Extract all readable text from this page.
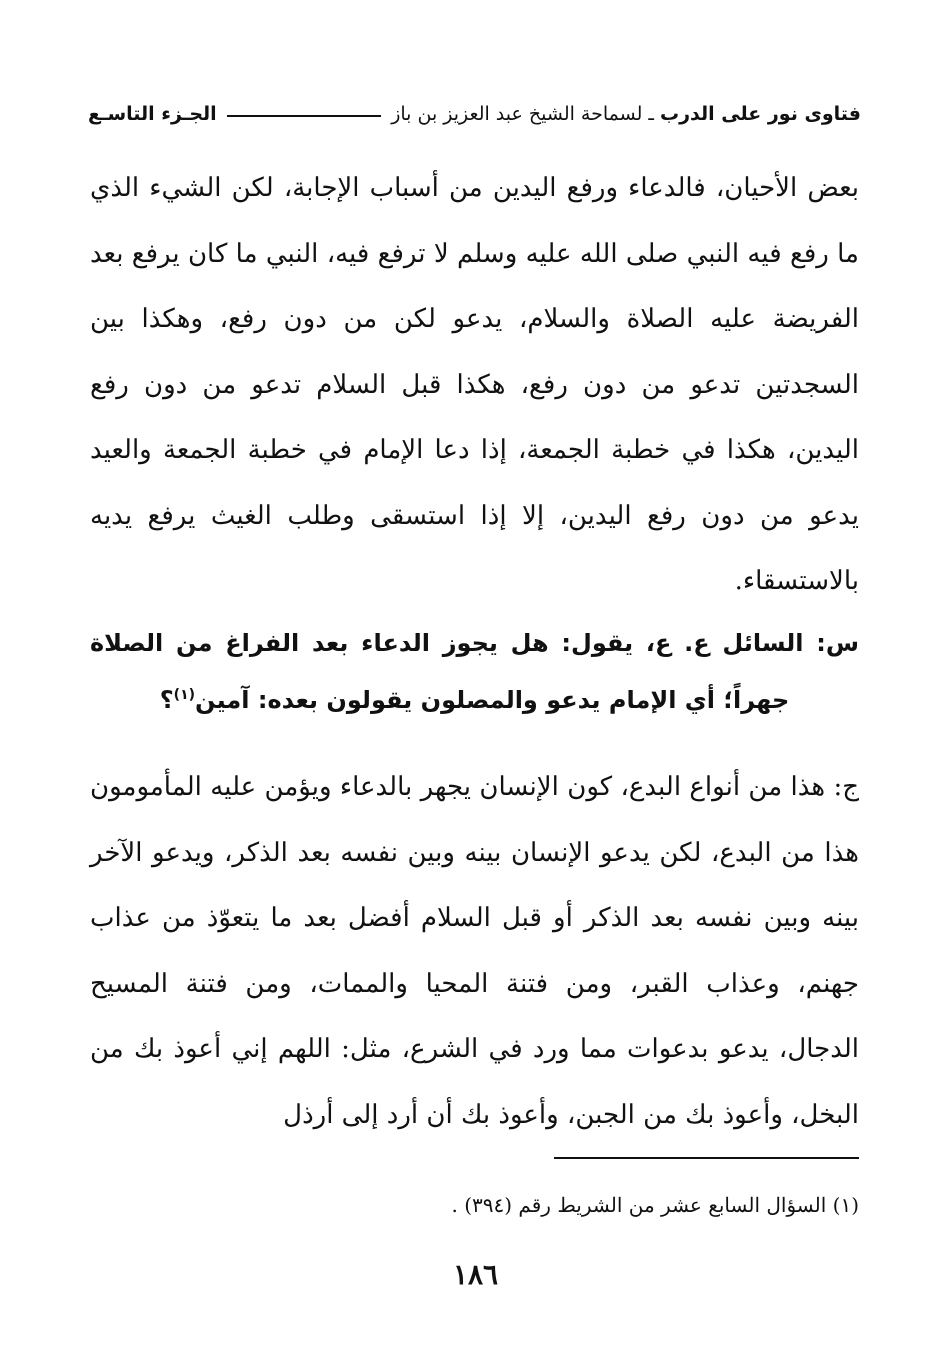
فتاوى نور على الدرب
ـ لسماحة الشيخ عبد العزيز بن باز
الجـزء التاسـع

بعض الأحيان، فالدعاء ورفع اليدين من أسباب الإجابة، لكن الشيء الذي ما رفع فيه النبي صلى الله عليه وسلم لا ترفع فيه، النبي ما كان يرفع بعد الفريضة عليه الصلاة والسلام، يدعو لكن من دون رفع، وهكذا بين السجدتين تدعو من دون رفع، هكذا قبل السلام تدعو من دون رفع اليدين، هكذا في خطبة الجمعة، إذا دعا الإمام في خطبة الجمعة والعيد يدعو من دون رفع اليدين، إلا إذا استسقى وطلب الغيث يرفع يديه بالاستسقاء.

س: السائل ع. ع، يقول: هل يجوز الدعاء بعد الفراغ من الصلاة جهراً؛ أي الإمام يدعو والمصلون يقولون بعده: آمين$^{(١)}$؟

ج: هذا من أنواع البدع، كون الإنسان يجهر بالدعاء ويؤمن عليه المأمومون هذا من البدع، لكن يدعو الإنسان بينه وبين نفسه بعد الذكر، ويدعو الآخر بينه وبين نفسه بعد الذكر أو قبل السلام أفضل بعد ما يتعوّذ من عذاب جهنم، وعذاب القبر، ومن فتنة المحيا والممات، ومن فتنة المسيح الدجال، يدعو بدعوات مما ورد في الشرع، مثل: اللهم إني أعوذ بك من البخل، وأعوذ بك من الجبن، وأعوذ بك أن أرد إلى أرذل

(١) السؤال السابع عشر من الشريط رقم (٣٩٤) .

١٨٦
